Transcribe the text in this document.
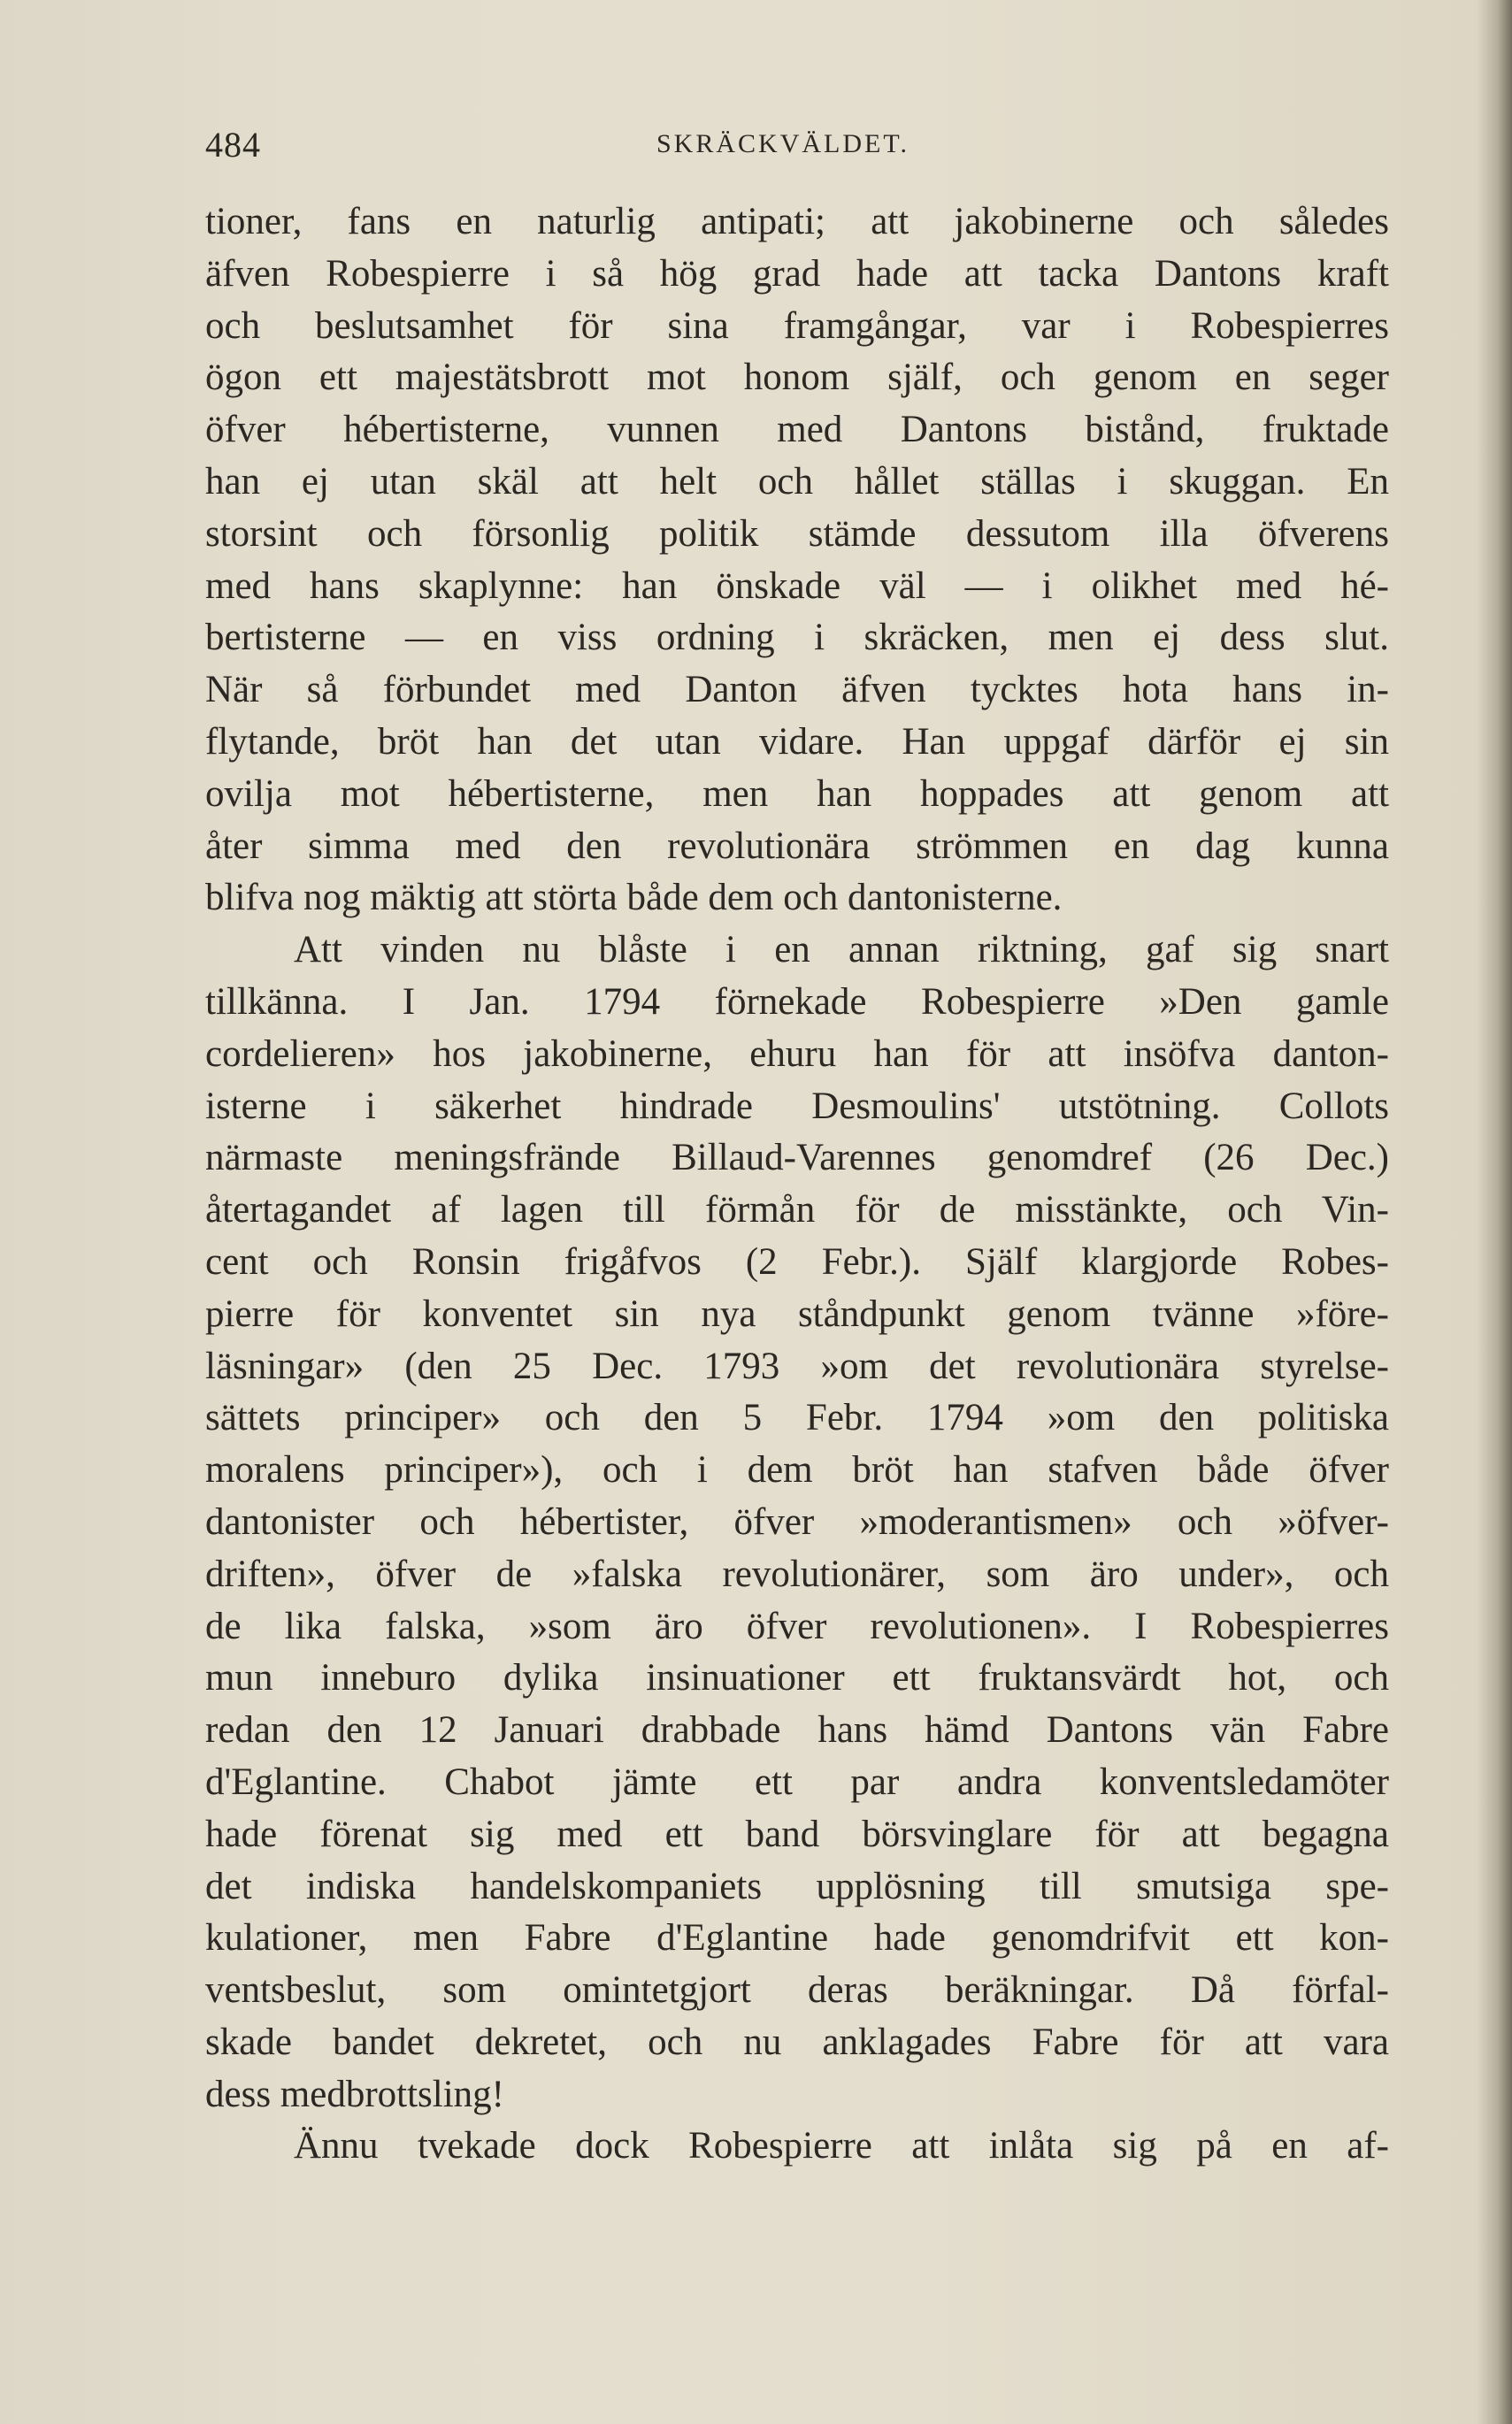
484	SKRÄCKVÄLDET.
tioner, fans en naturlig antipati; att jakobinerne och således
äfven Robespierre i så hög grad hade att tacka Dantons kraft
och beslutsamhet för sina framgångar, var i Robespierres
ögon ett majestätsbrott mot honom själf, och genom en seger
öfver hébertisterne, vunnen med Dantons bistånd, fruktade
han ej utan skäl att helt och hållet ställas i skuggan. En
storsint och försonlig politik stämde dessutom illa öfverens
med hans skaplynne: han önskade väl — i olikhet med hé-
bertisterne — en viss ordning i skräcken, men ej dess slut.
När så förbundet med Danton äfven tycktes hota hans in-
flytande, bröt han det utan vidare. Han uppgaf därför ej sin
ovilja mot hébertisterne, men han hoppades att genom att
åter simma med den revolutionära strömmen en dag kunna
blifva nog mäktig att störta både dem och dantonisterne.
Att vinden nu blåste i en annan riktning, gaf sig snart
tillkänna. I Jan. 1794 förnekade Robespierre »Den gamle
cordelieren» hos jakobinerne, ehuru han för att insöfva danton-
isterne i säkerhet hindrade Desmoulins' utstötning. Collots
närmaste meningsfrände Billaud-Varennes genomdref (26 Dec.)
återtagandet af lagen till förmån för de misstänkte, och Vin-
cent och Ronsin frigåfvos (2 Febr.). Själf klargjorde Robes-
pierre för konventet sin nya ståndpunkt genom tvänne »före-
läsningar» (den 25 Dec. 1793 »om det revolutionära styrelse-
sättets principer» och den 5 Febr. 1794 »om den politiska
moralens principer»), och i dem bröt han stafven både öfver
dantonister och hébertister, öfver »moderantismen» och »öfver-
driften», öfver de »falska revolutionärer, som äro under», och
de lika falska, »som äro öfver revolutionen». I Robespierres
mun inneburo dylika insinuationer ett fruktansvärdt hot, och
redan den 12 Januari drabbade hans hämd Dantons vän Fabre
d'Eglantine. Chabot jämte ett par andra konventsledamöter
hade förenat sig med ett band börsvinglare för att begagna
det indiska handelskompaniets upplösning till smutsiga spe-
kulationer, men Fabre d'Eglantine hade genomdrifvit ett kon-
ventsbeslut, som omintetgjort deras beräkningar. Då förfal-
skade bandet dekretet, och nu anklagades Fabre för att vara
dess medbrottsling!
Ännu tvekade dock Robespierre att inlåta sig på en af-
